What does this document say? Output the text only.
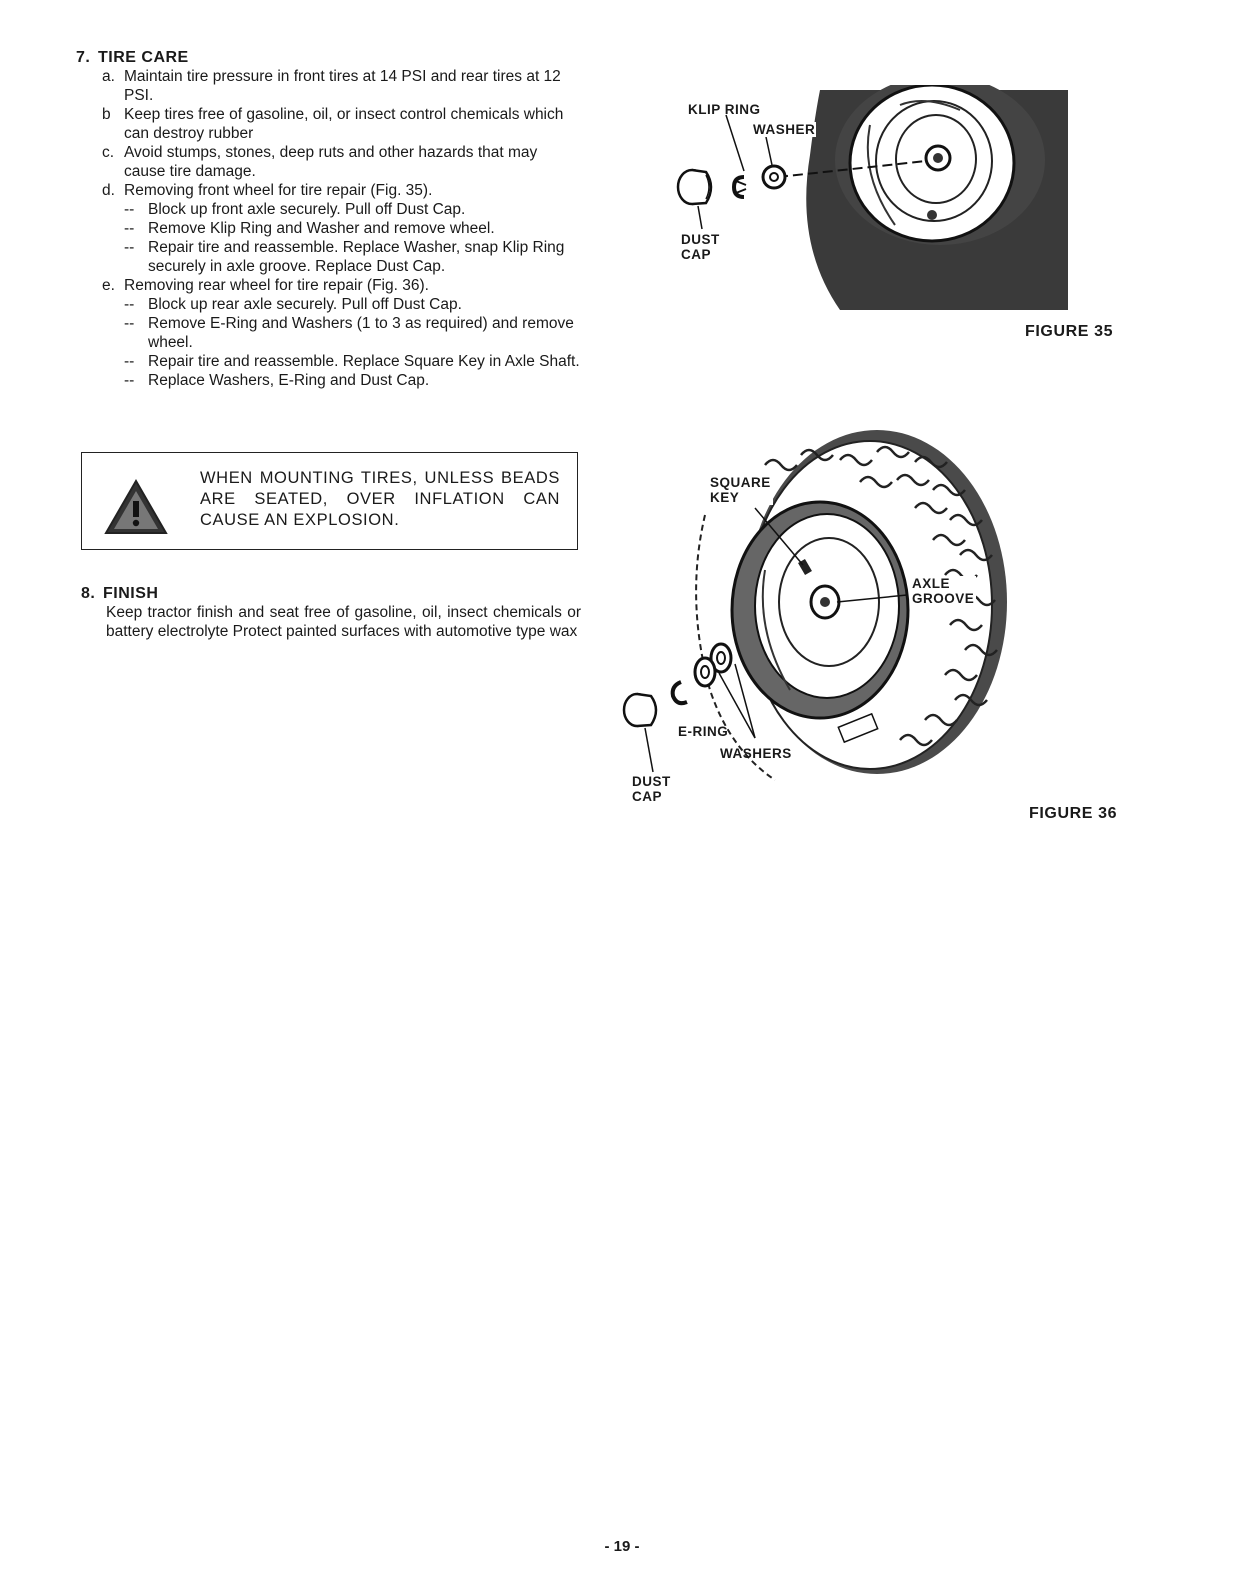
7. TIRE CARE
a. Maintain tire pressure in front tires at 14 PSI and rear tires at 12 PSI.
b Keep tires free of gasoline, oil, or insect control chemicals which can destroy rubber
c. Avoid stumps, stones, deep ruts and other hazards that may cause tire damage.
d. Removing front wheel for tire repair (Fig. 35).
-- Block up front axle securely. Pull off Dust Cap.
-- Remove Klip Ring and Washer and remove wheel.
-- Repair tire and reassemble. Replace Washer, snap Klip Ring securely in axle groove. Replace Dust Cap.
e. Removing rear wheel for tire repair (Fig. 36).
-- Block up rear axle securely. Pull off Dust Cap.
-- Remove E-Ring and Washers (1 to 3 as required) and remove wheel.
-- Repair tire and reassemble. Replace Square Key in Axle Shaft.
-- Replace Washers, E-Ring and Dust Cap.
WHEN MOUNTING TIRES, UNLESS BEADS ARE SEATED, OVER INFLATION CAN CAUSE AN EXPLOSION.
8. FINISH

Keep tractor finish and seat free of gasoline, oil, insect chemicals or battery electrolyte Protect painted surfaces with automotive type wax

KLIP RING
WASHER
DUST
CAP
FIGURE 35
SQUARE
KEY
AXLE
GROOVE
E-RING
WASHERS
DUST
CAP
FIGURE 36
- 19 -
